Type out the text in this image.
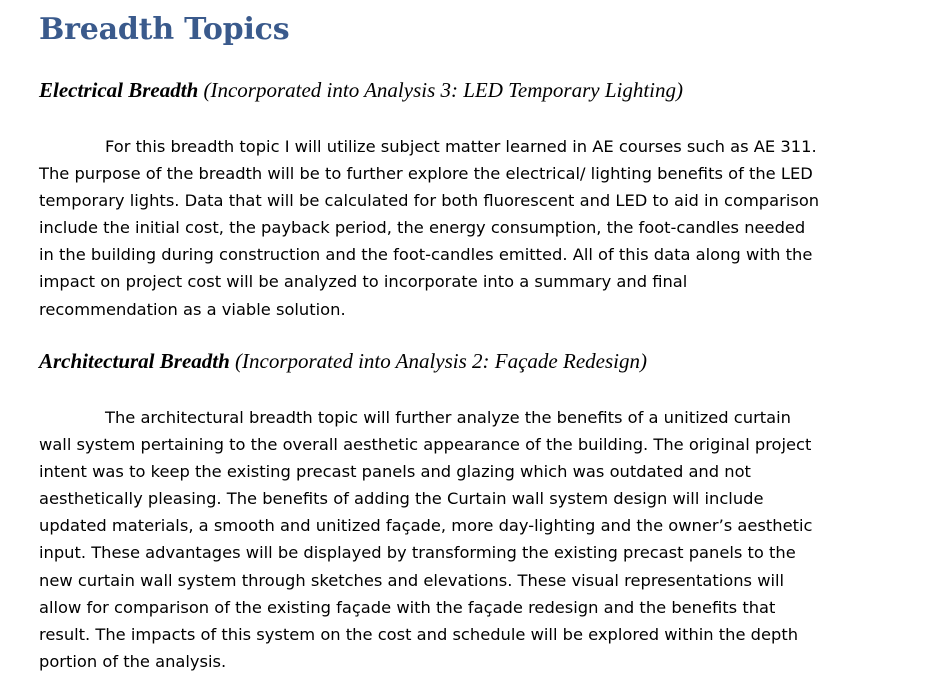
Breadth Topics
Electrical Breadth (Incorporated into Analysis 3: LED Temporary Lighting)
For this breadth topic I will utilize subject matter learned in AE courses such as AE 311.
The purpose of the breadth will be to further explore the electrical/ lighting benefits of the LED
temporary lights. Data that will be calculated for both fluorescent and LED to aid in comparison
include the initial cost, the payback period, the energy consumption, the foot-candles needed
in the building during construction and the foot-candles emitted. All of this data along with the
impact on project cost will be analyzed to incorporate into a summary and final
recommendation as a viable solution.
Architectural Breadth (Incorporated into Analysis 2: Façade Redesign)
The architectural breadth topic will further analyze the benefits of a unitized curtain
wall system pertaining to the overall aesthetic appearance of the building. The original project
intent was to keep the existing precast panels and glazing which was outdated and not
aesthetically pleasing. The benefits of adding the Curtain wall system design will include
updated materials, a smooth and unitized façade, more day-lighting and the owner’s aesthetic
input. These advantages will be displayed by transforming the existing precast panels to the
new curtain wall system through sketches and elevations. These visual representations will
allow for comparison of the existing façade with the façade redesign and the benefits that
result. The impacts of this system on the cost and schedule will be explored within the depth
portion of the analysis.
